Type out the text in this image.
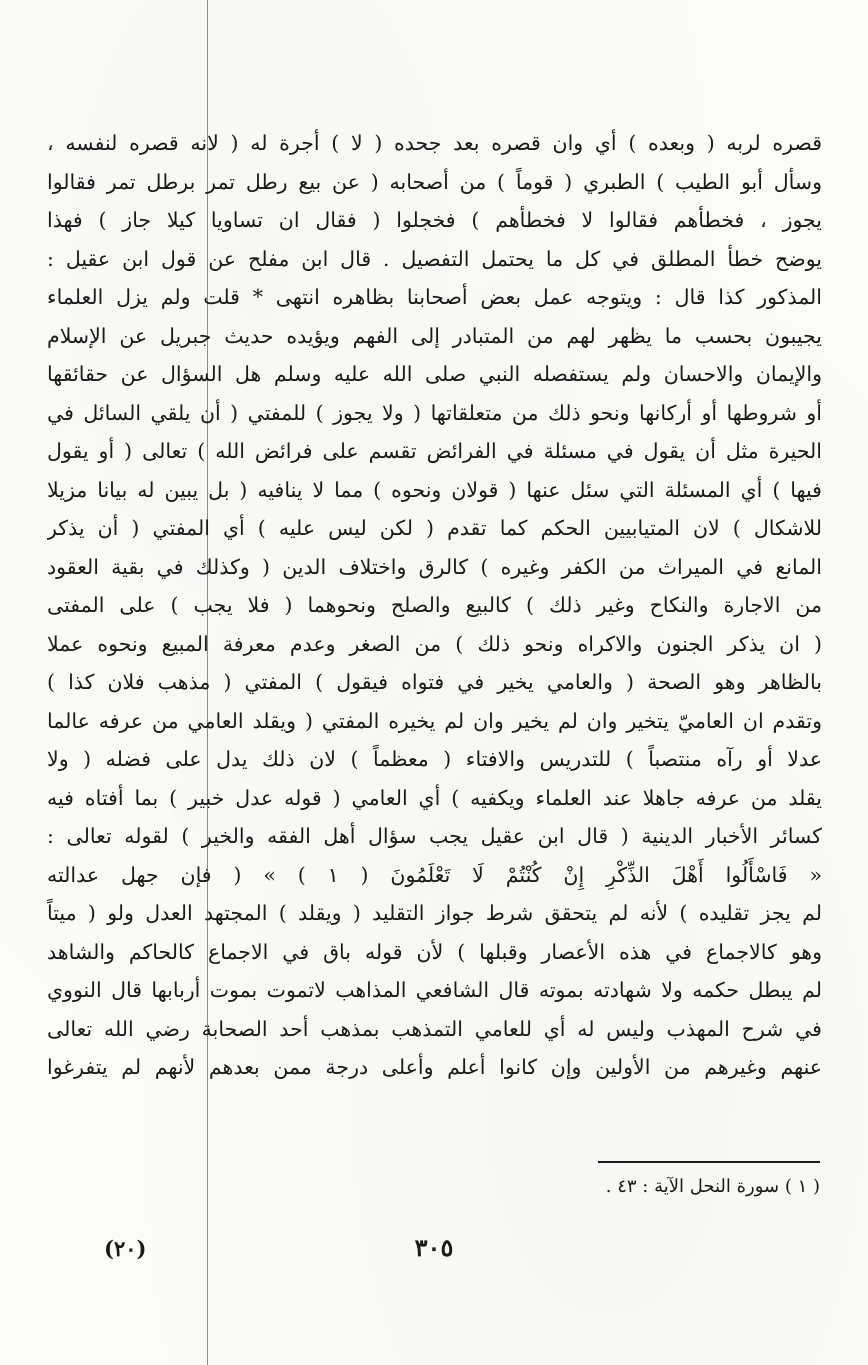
قصره لربه ( وبعده ) أي وان قصره بعد جحده ( لا ) أجرة له ( لانه قصره لنفسه ،
وسأل أبو الطيب ) الطبري ( قوماً ) من أصحابه ( عن بيع رطل تمر برطل تمر فقالوا
يجوز ، فخطأهم فقالوا لا فخطأهم ) فخجلوا ( فقال ان تساويا كيلا جاز ) فهذا
يوضح خطأ المطلق في كل ما يحتمل التفصيل . قال ابن مفلح عن قول ابن عقيل :
المذكور كذا قال : ويتوجه عمل بعض أصحابنا بظاهره انتهى * قلت ولم يزل العلماء
يجيبون بحسب ما يظهر لهم من المتبادر إلى الفهم ويؤيده حديث جبريل عن الإسلام
والإيمان والاحسان ولم يستفصله النبي صلى الله عليه وسلم هل السؤال عن حقائقها
أو شروطها أو أركانها ونحو ذلك من متعلقاتها ( ولا يجوز ) للمفتي ( أن يلقي السائل في
الحيرة مثل أن يقول في مسئلة في الفرائض تقسم على فرائض الله ) تعالى ( أو يقول
فيها ) أي المسئلة التي سئل عنها ( قولان ونحوه ) مما لا ينافيه ( بل يبين له بيانا مزيلا
للاشكال ) لان المتيابيين الحكم كما تقدم ( لكن ليس عليه ) أي المفتي ( أن يذكر
المانع في الميراث من الكفر وغيره ) كالرق واختلاف الدين ( وكذلك في بقية العقود
من الاجارة والنكاح وغير ذلك ) كالبيع والصلح ونحوهما ( فلا يجب ) على المفتى
( ان يذكر الجنون والاكراه ونحو ذلك ) من الصغر وعدم معرفة المبيع ونحوه عملا
بالظاهر وهو الصحة ( والعامي يخير في فتواه فيقول ) المفتي ( مذهب فلان كذا )
وتقدم ان العاميّ يتخير وان لم يخير وان لم يخيره المفتي ( ويقلد العامي من عرفه عالما
عدلا أو رآه منتصباً ) للتدريس والافتاء ( معظماً ) لان ذلك يدل على فضله ( ولا
يقلد من عرفه جاهلا عند العلماء ويكفيه ) أي العامي ( قوله عدل خبير ) بما أفتاه فيه
كسائر الأخبار الدينية ( قال ابن عقيل يجب سؤال أهل الفقه والخير ) لقوله تعالى :
« فَاسْأَلُوا أَهْلَ الذِّكْرِ إِنْ كُنْتُمْ لَا تَعْلَمُونَ ( ١ ) » ( فإن جهل عدالته
لم يجز تقليده ) لأنه لم يتحقق شرط جواز التقليد ( ويقلد ) المجتهد العدل ولو ( ميتاً
وهو كالاجماع في هذه الأعصار وقبلها ) لأن قوله باق في الاجماع كالحاكم والشاهد
لم يبطل حكمه ولا شهادته بموته قال الشافعي المذاهب لاتموت بموت أربابها قال النووي
في شرح المهذب وليس له أي للعامي التمذهب بمذهب أحد الصحابة رضي الله تعالى
عنهم وغيرهم من الأولين وإن كانوا أعلم وأعلى درجة ممن بعدهم لأنهم لم يتفرغوا
( ١ ) سورة النحل الآية : ٤٣ .
٣٠٥
(٢٠)
